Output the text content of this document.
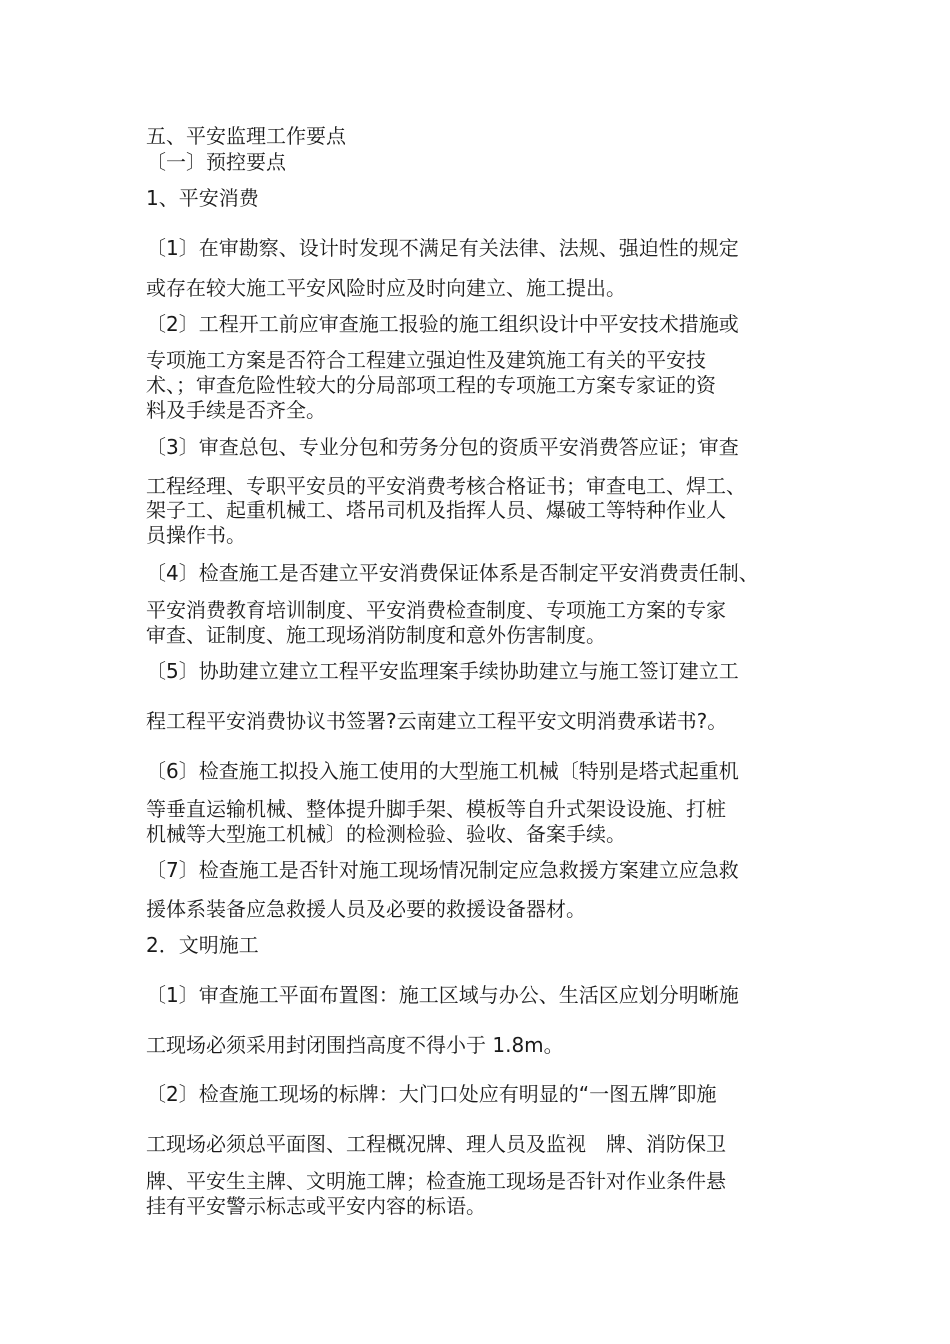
五、平安监理工作要点
〔一〕预控要点
1、平安消费
〔1〕在审勘察、设计时发现不满足有关法律、法规、强迫性的规定
或存在较大施工平安风险时应及时向建立、施工提出。
〔2〕工程开工前应审查施工报验的施工组织设计中平安技术措施或
专项施工方案是否符合工程建立强迫性及建筑施工有关的平安技
术、；审查危险性较大的分局部项工程的专项施工方案专家证的资
料及手续是否齐全。
〔3〕审查总包、专业分包和劳务分包的资质平安消费答应证；审查
工程经理、专职平安员的平安消费考核合格证书；审查电工、焊工、
架子工、起重机械工、塔吊司机及指挥人员、爆破工等特种作业人
员操作书。
〔4〕检查施工是否建立平安消费保证体系是否制定平安消费责任制、
平安消费教育培训制度、平安消费检查制度、专项施工方案的专家
审查、证制度、施工现场消防制度和意外伤害制度。
〔5〕协助建立建立工程平安监理案手续协助建立与施工签订建立工
程工程平安消费协议书签署?云南建立工程平安文明消费承诺书?。
〔6〕检查施工拟投入施工使用的大型施工机械〔特别是塔式起重机
等垂直运输机械、整体提升脚手架、模板等自升式架设设施、打桩
机械等大型施工机械〕的检测检验、验收、备案手续。
〔7〕检查施工是否针对施工现场情况制定应急救援方案建立应急救
援体系装备应急救援人员及必要的救援设备器材。
2．文明施工
〔1〕审查施工平面布置图：施工区域与办公、生活区应划分明晰施
工现场必须采用封闭围挡高度不得小于 1.8m。
〔2〕检查施工现场的标牌：大门口处应有明显的“一图五牌″即施
工现场必须总平面图、工程概况牌、理人员及监视　牌、消防保卫
牌、平安生主牌、文明施工牌；检查施工现场是否针对作业条件悬
挂有平安警示标志或平安内容的标语。
